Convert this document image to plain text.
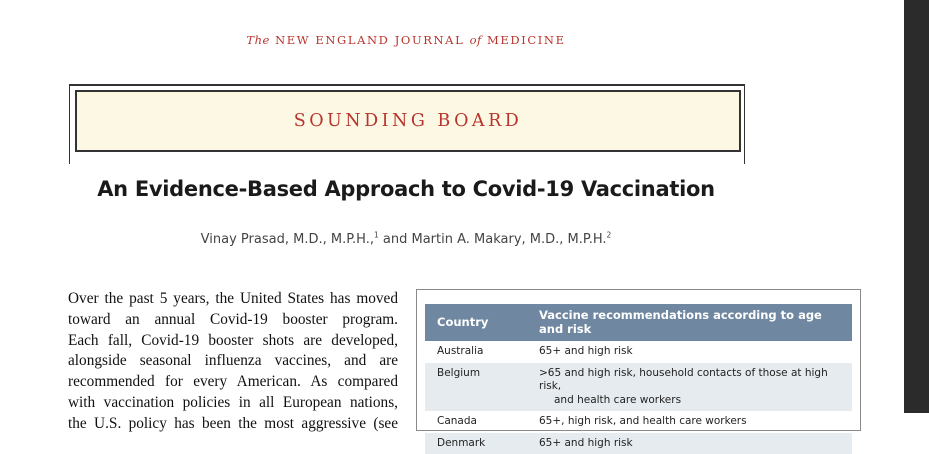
The NEW ENGLAND JOURNAL of MEDICINE
SOUNDING BOARD
An Evidence-Based Approach to Covid-19 Vaccination
Vinay Prasad, M.D., M.P.H.,$^1$ and Martin A. Makary, M.D., M.P.H.$^2$

Over the past 5 years, the United States has moved

toward an annual Covid-19 booster program.

Each fall, Covid-19 booster shots are developed,

alongside seasonal influenza vaccines, and are

recommended for every American. As compared

with vaccination policies in all European nations,

the U.S. policy has been the most aggressive (see

Country	Vaccine recommendations according to age and risk
Australia	65+ and high risk

Belgium	>65 and high risk, household contacts of those at high risk,
and health care workers

Canada	65+, high risk, and health care workers

Denmark	65+ and high risk
